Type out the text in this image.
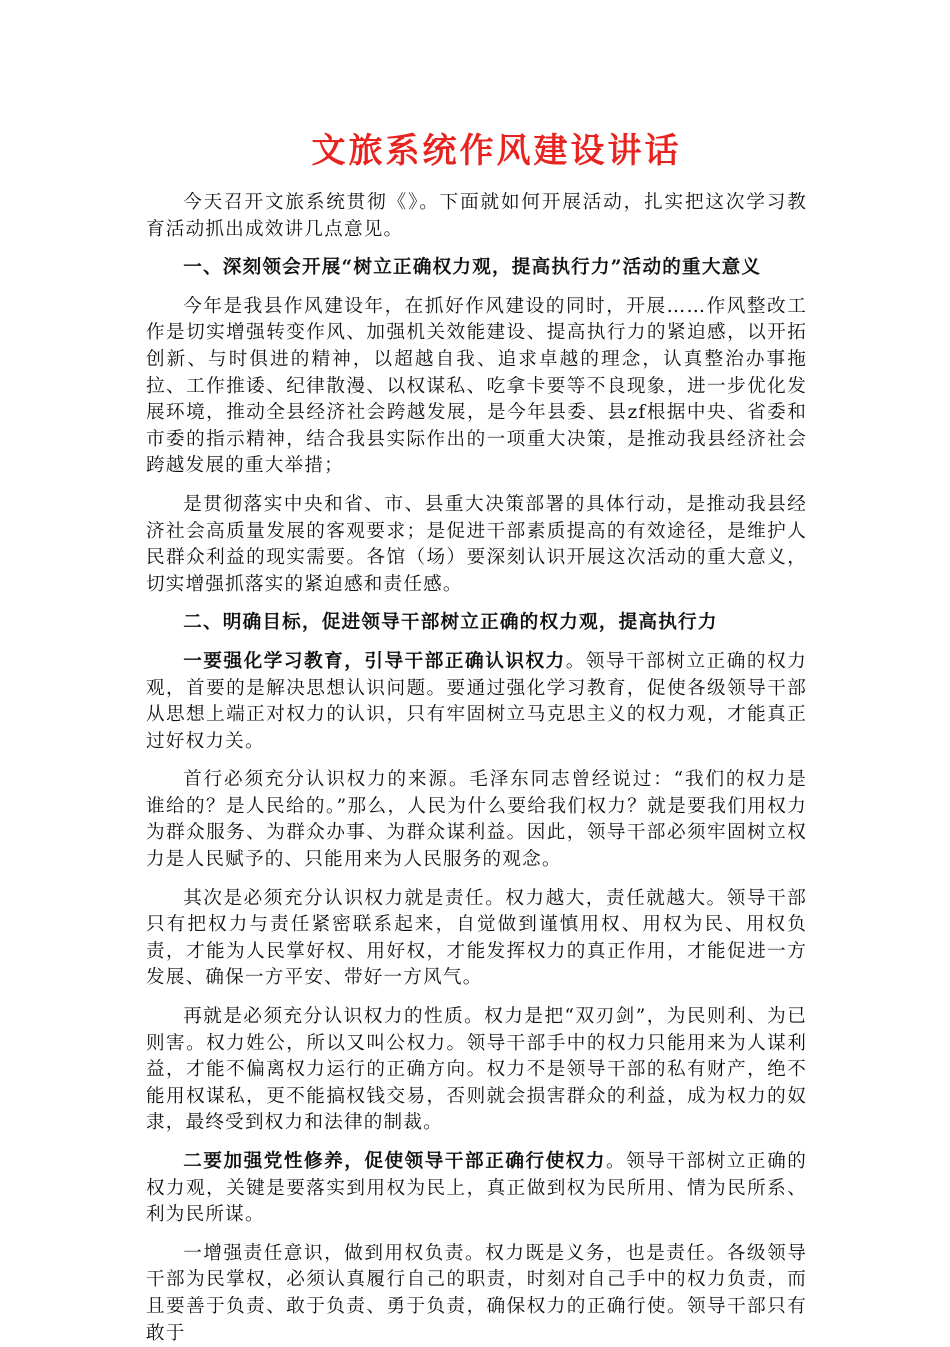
文旅系统作风建设讲话

今天召开文旅系统贯彻《》。下面就如何开展活动，扎实把这次学习教育活动抓出成效讲几点意见。

一、深刻领会开展“树立正确权力观，提高执行力”活动的重大意义

今年是我县作风建设年，在抓好作风建设的同时，开展……作风整改工作是切实增强转变作风、加强机关效能建设、提高执行力的紧迫感，以开拓创新、与时俱进的精神，以超越自我、追求卓越的理念，认真整治办事拖拉、工作推诿、纪律散漫、以权谋私、吃拿卡要等不良现象，进一步优化发展环境，推动全县经济社会跨越发展，是今年县委、县zf根据中央、省委和市委的指示精神，结合我县实际作出的一项重大决策，是推动我县经济社会跨越发展的重大举措；

是贯彻落实中央和省、市、县重大决策部署的具体行动，是推动我县经济社会高质量发展的客观要求；是促进干部素质提高的有效途径，是维护人民群众利益的现实需要。各馆（场）要深刻认识开展这次活动的重大意义，切实增强抓落实的紧迫感和责任感。

二、明确目标，促进领导干部树立正确的权力观，提高执行力

一要强化学习教育，引导干部正确认识权力。领导干部树立正确的权力观，首要的是解决思想认识问题。要通过强化学习教育，促使各级领导干部从思想上端正对权力的认识，只有牢固树立马克思主义的权力观，才能真正过好权力关。

首行必须充分认识权力的来源。毛泽东同志曾经说过：“我们的权力是谁给的？是人民给的。”那么，人民为什么要给我们权力？就是要我们用权力为群众服务、为群众办事、为群众谋利益。因此，领导干部必须牢固树立权力是人民赋予的、只能用来为人民服务的观念。

其次是必须充分认识权力就是责任。权力越大，责任就越大。领导干部只有把权力与责任紧密联系起来，自觉做到谨慎用权、用权为民、用权负责，才能为人民掌好权、用好权，才能发挥权力的真正作用，才能促进一方发展、确保一方平安、带好一方风气。

再就是必须充分认识权力的性质。权力是把“双刃剑”，为民则利、为已则害。权力姓公，所以又叫公权力。领导干部手中的权力只能用来为人谋利益，才能不偏离权力运行的正确方向。权力不是领导干部的私有财产，绝不能用权谋私，更不能搞权钱交易，否则就会损害群众的利益，成为权力的奴隶，最终受到权力和法律的制裁。

二要加强党性修养，促使领导干部正确行使权力。领导干部树立正确的权力观，关键是要落实到用权为民上，真正做到权为民所用、情为民所系、利为民所谋。

一增强责任意识，做到用权负责。权力既是义务，也是责任。各级领导干部为民掌权，必须认真履行自己的职责，时刻对自己手中的权力负责，而且要善于负责、敢于负责、勇于负责，确保权力的正确行使。领导干部只有敢于
